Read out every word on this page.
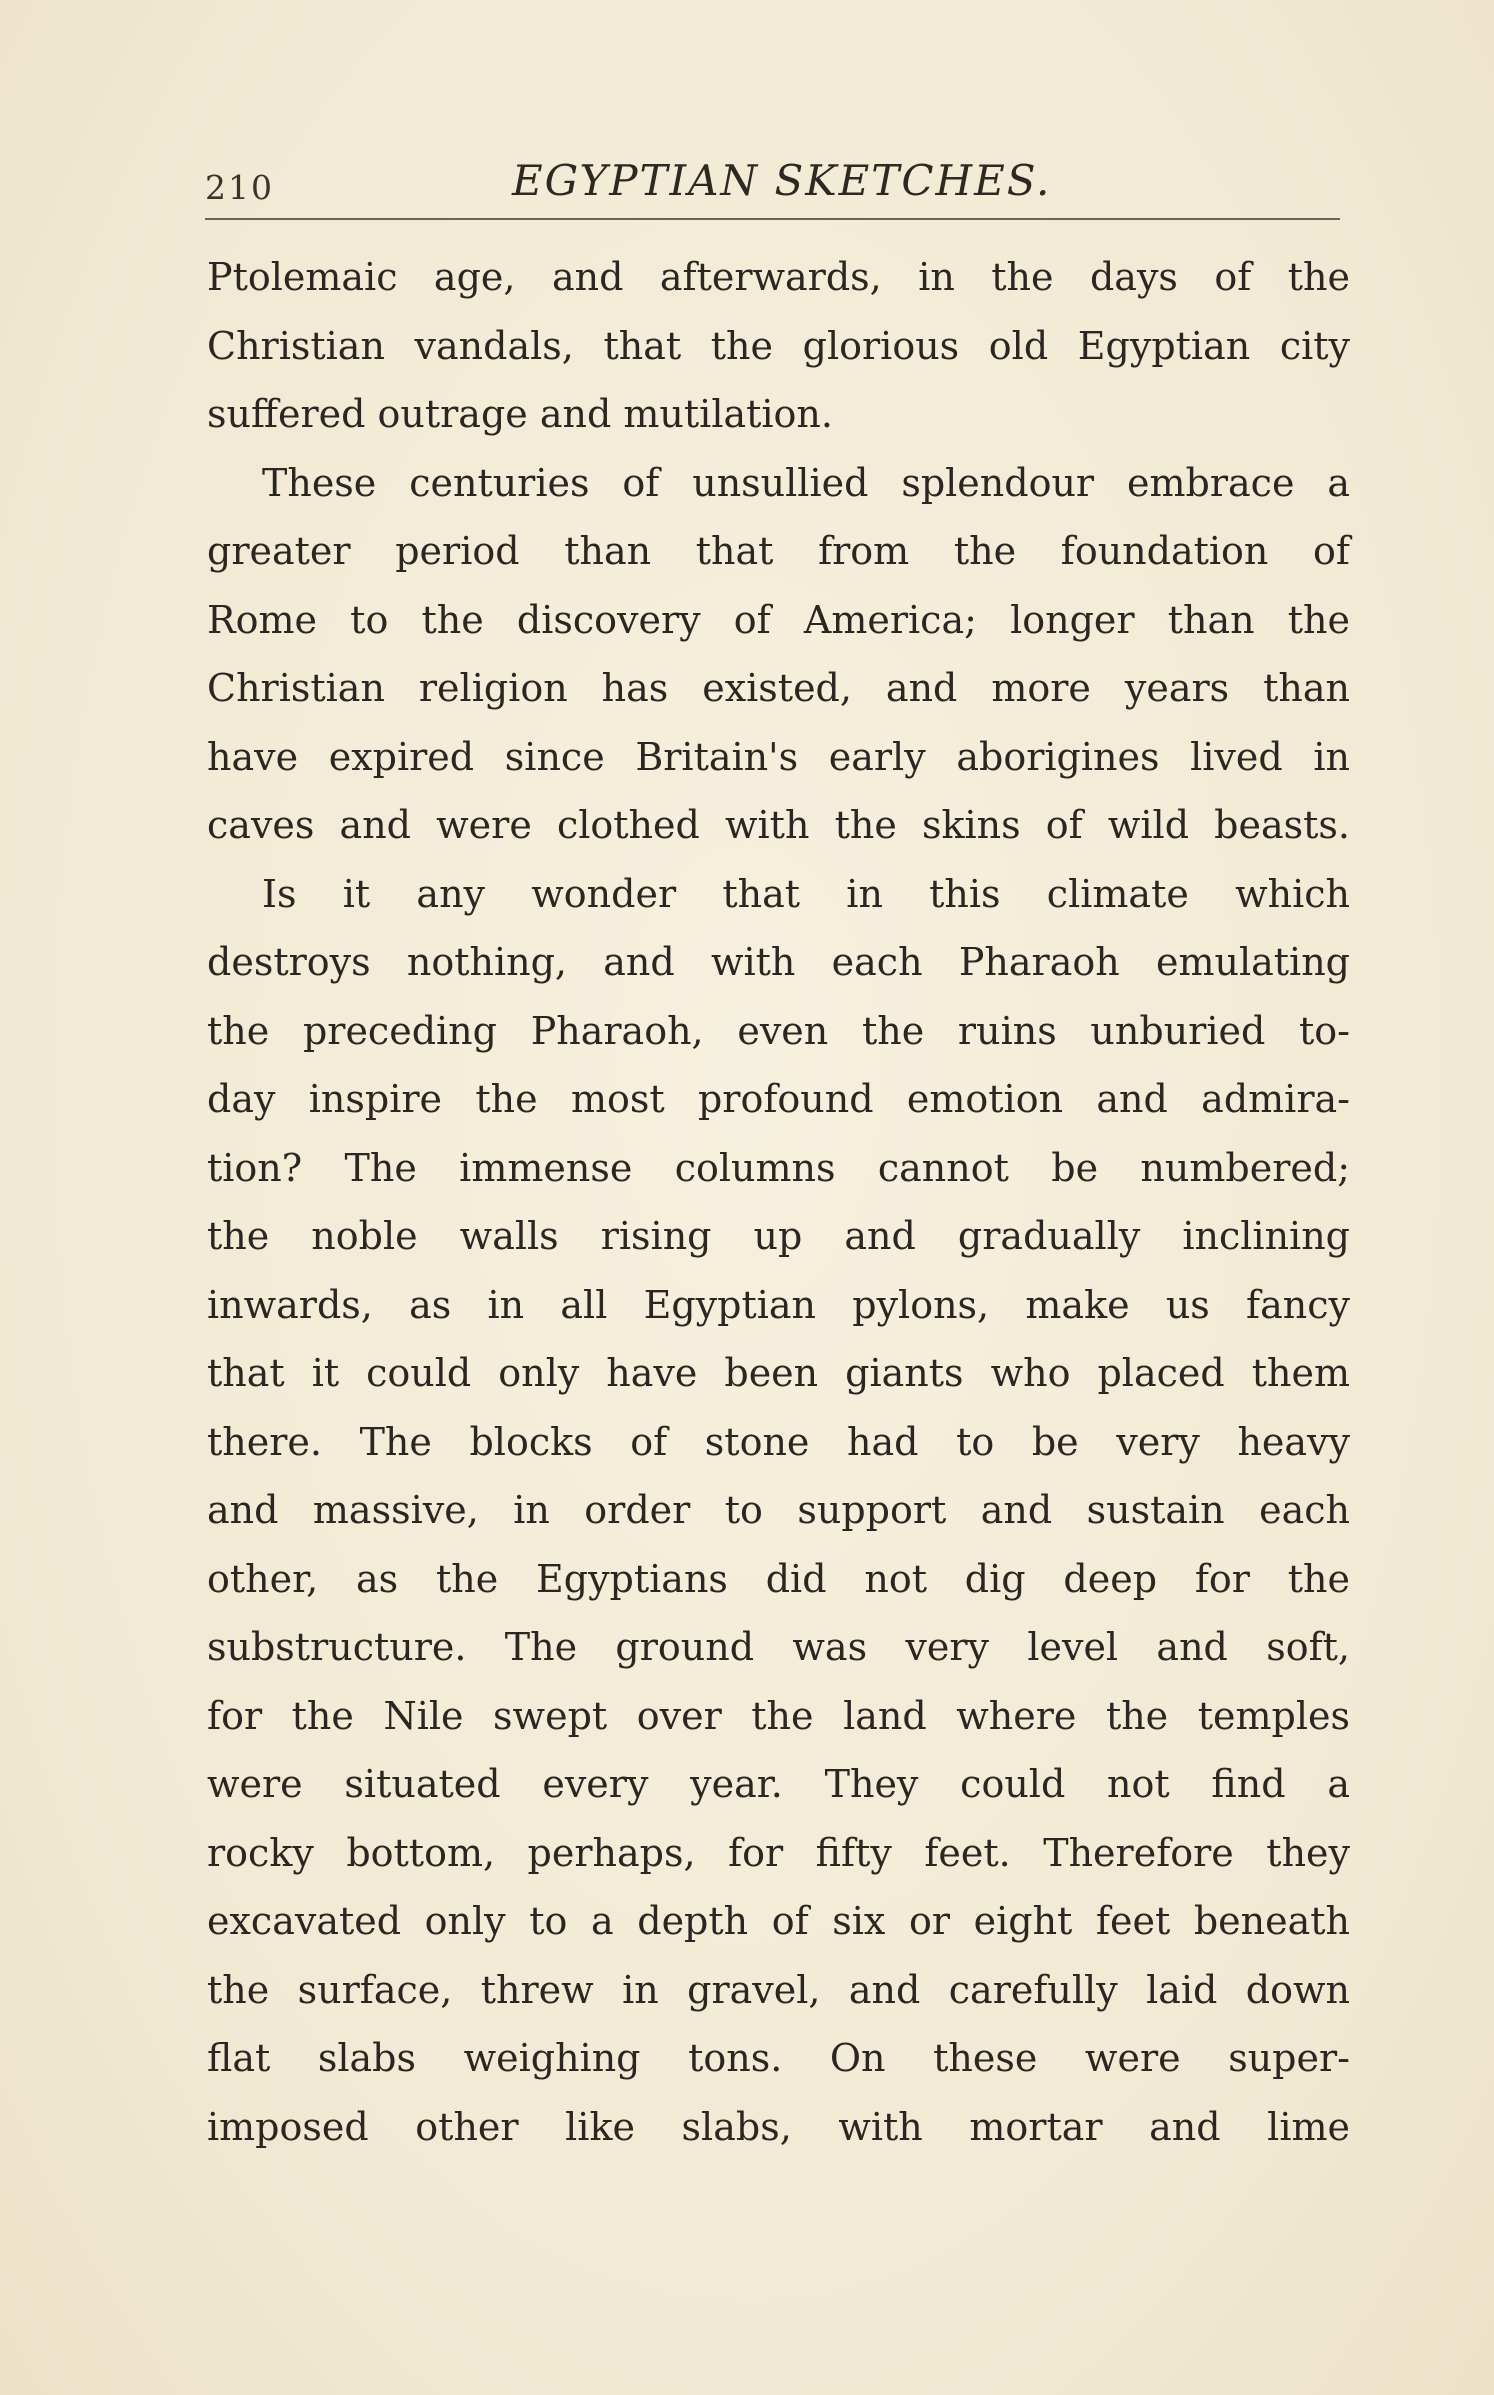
210	EGYPTIAN SKETCHES.
Ptolemaic age, and afterwards, in the days of the
Christian vandals, that the glorious old Egyptian city
suffered outrage and mutilation.
These centuries of unsullied splendour embrace a
greater period than that from the foundation of
Rome to the discovery of America; longer than the
Christian religion has existed, and more years than
have expired since Britain's early aborigines lived in
caves and were clothed with the skins of wild beasts.
Is it any wonder that in this climate which
destroys nothing, and with each Pharaoh emulating
the preceding Pharaoh, even the ruins unburied to-
day inspire the most profound emotion and admira-
tion? The immense columns cannot be numbered;
the noble walls rising up and gradually inclining
inwards, as in all Egyptian pylons, make us fancy
that it could only have been giants who placed them
there. The blocks of stone had to be very heavy
and massive, in order to support and sustain each
other, as the Egyptians did not dig deep for the
substructure. The ground was very level and soft,
for the Nile swept over the land where the temples
were situated every year. They could not find a
rocky bottom, perhaps, for fifty feet. Therefore they
excavated only to a depth of six or eight feet beneath
the surface, threw in gravel, and carefully laid down
flat slabs weighing tons. On these were super-
imposed other like slabs, with mortar and lime
